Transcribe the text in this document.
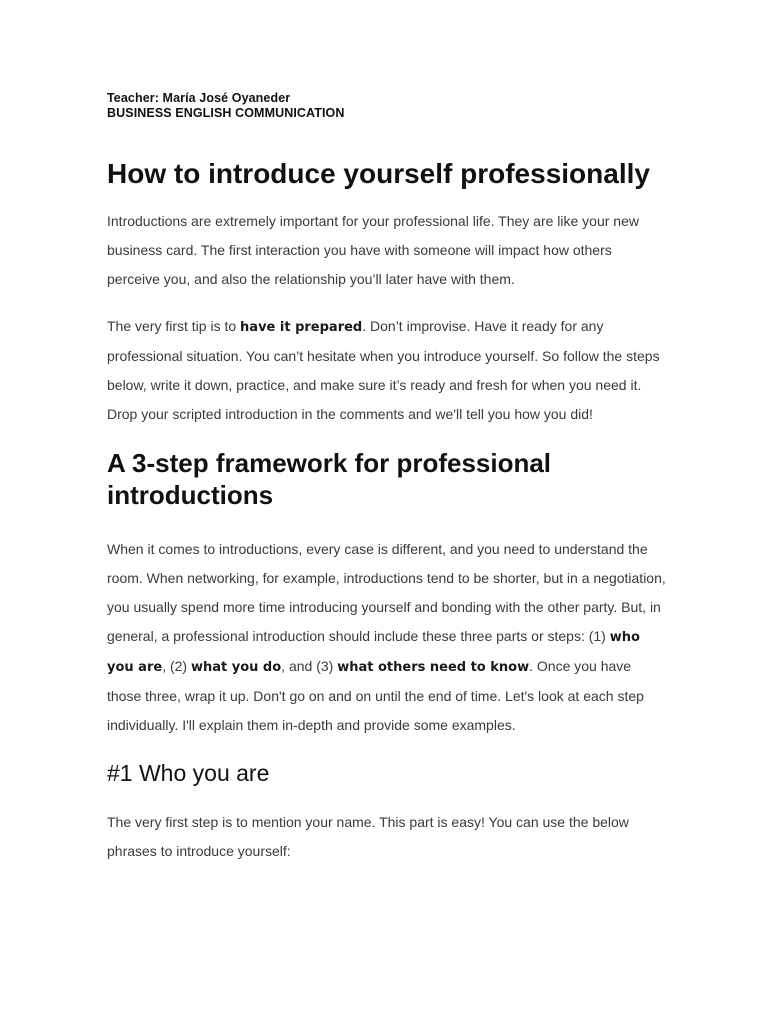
Teacher: María José Oyaneder
BUSINESS ENGLISH COMMUNICATION
How to introduce yourself professionally

Introductions are extremely important for your professional life. They are like your new business card. The first interaction you have with someone will impact how others perceive you, and also the relationship you’ll later have with them.

The very first tip is to have it prepared. Don’t improvise. Have it ready for any professional situation. You can’t hesitate when you introduce yourself. So follow the steps below, write it down, practice, and make sure it’s ready and fresh for when you need it. Drop your scripted introduction in the comments and we'll tell you how you did!

A 3-step framework for professional introductions

When it comes to introductions, every case is different, and you need to understand the room. When networking, for example, introductions tend to be shorter, but in a negotiation, you usually spend more time introducing yourself and bonding with the other party. But, in general, a professional introduction should include these three parts or steps: (1) who you are, (2) what you do, and (3) what others need to know. Once you have those three, wrap it up. Don't go on and on until the end of time. Let's look at each step individually. I'll explain them in-depth and provide some examples.

#1 Who you are

The very first step is to mention your name. This part is easy! You can use the below phrases to introduce yourself:
